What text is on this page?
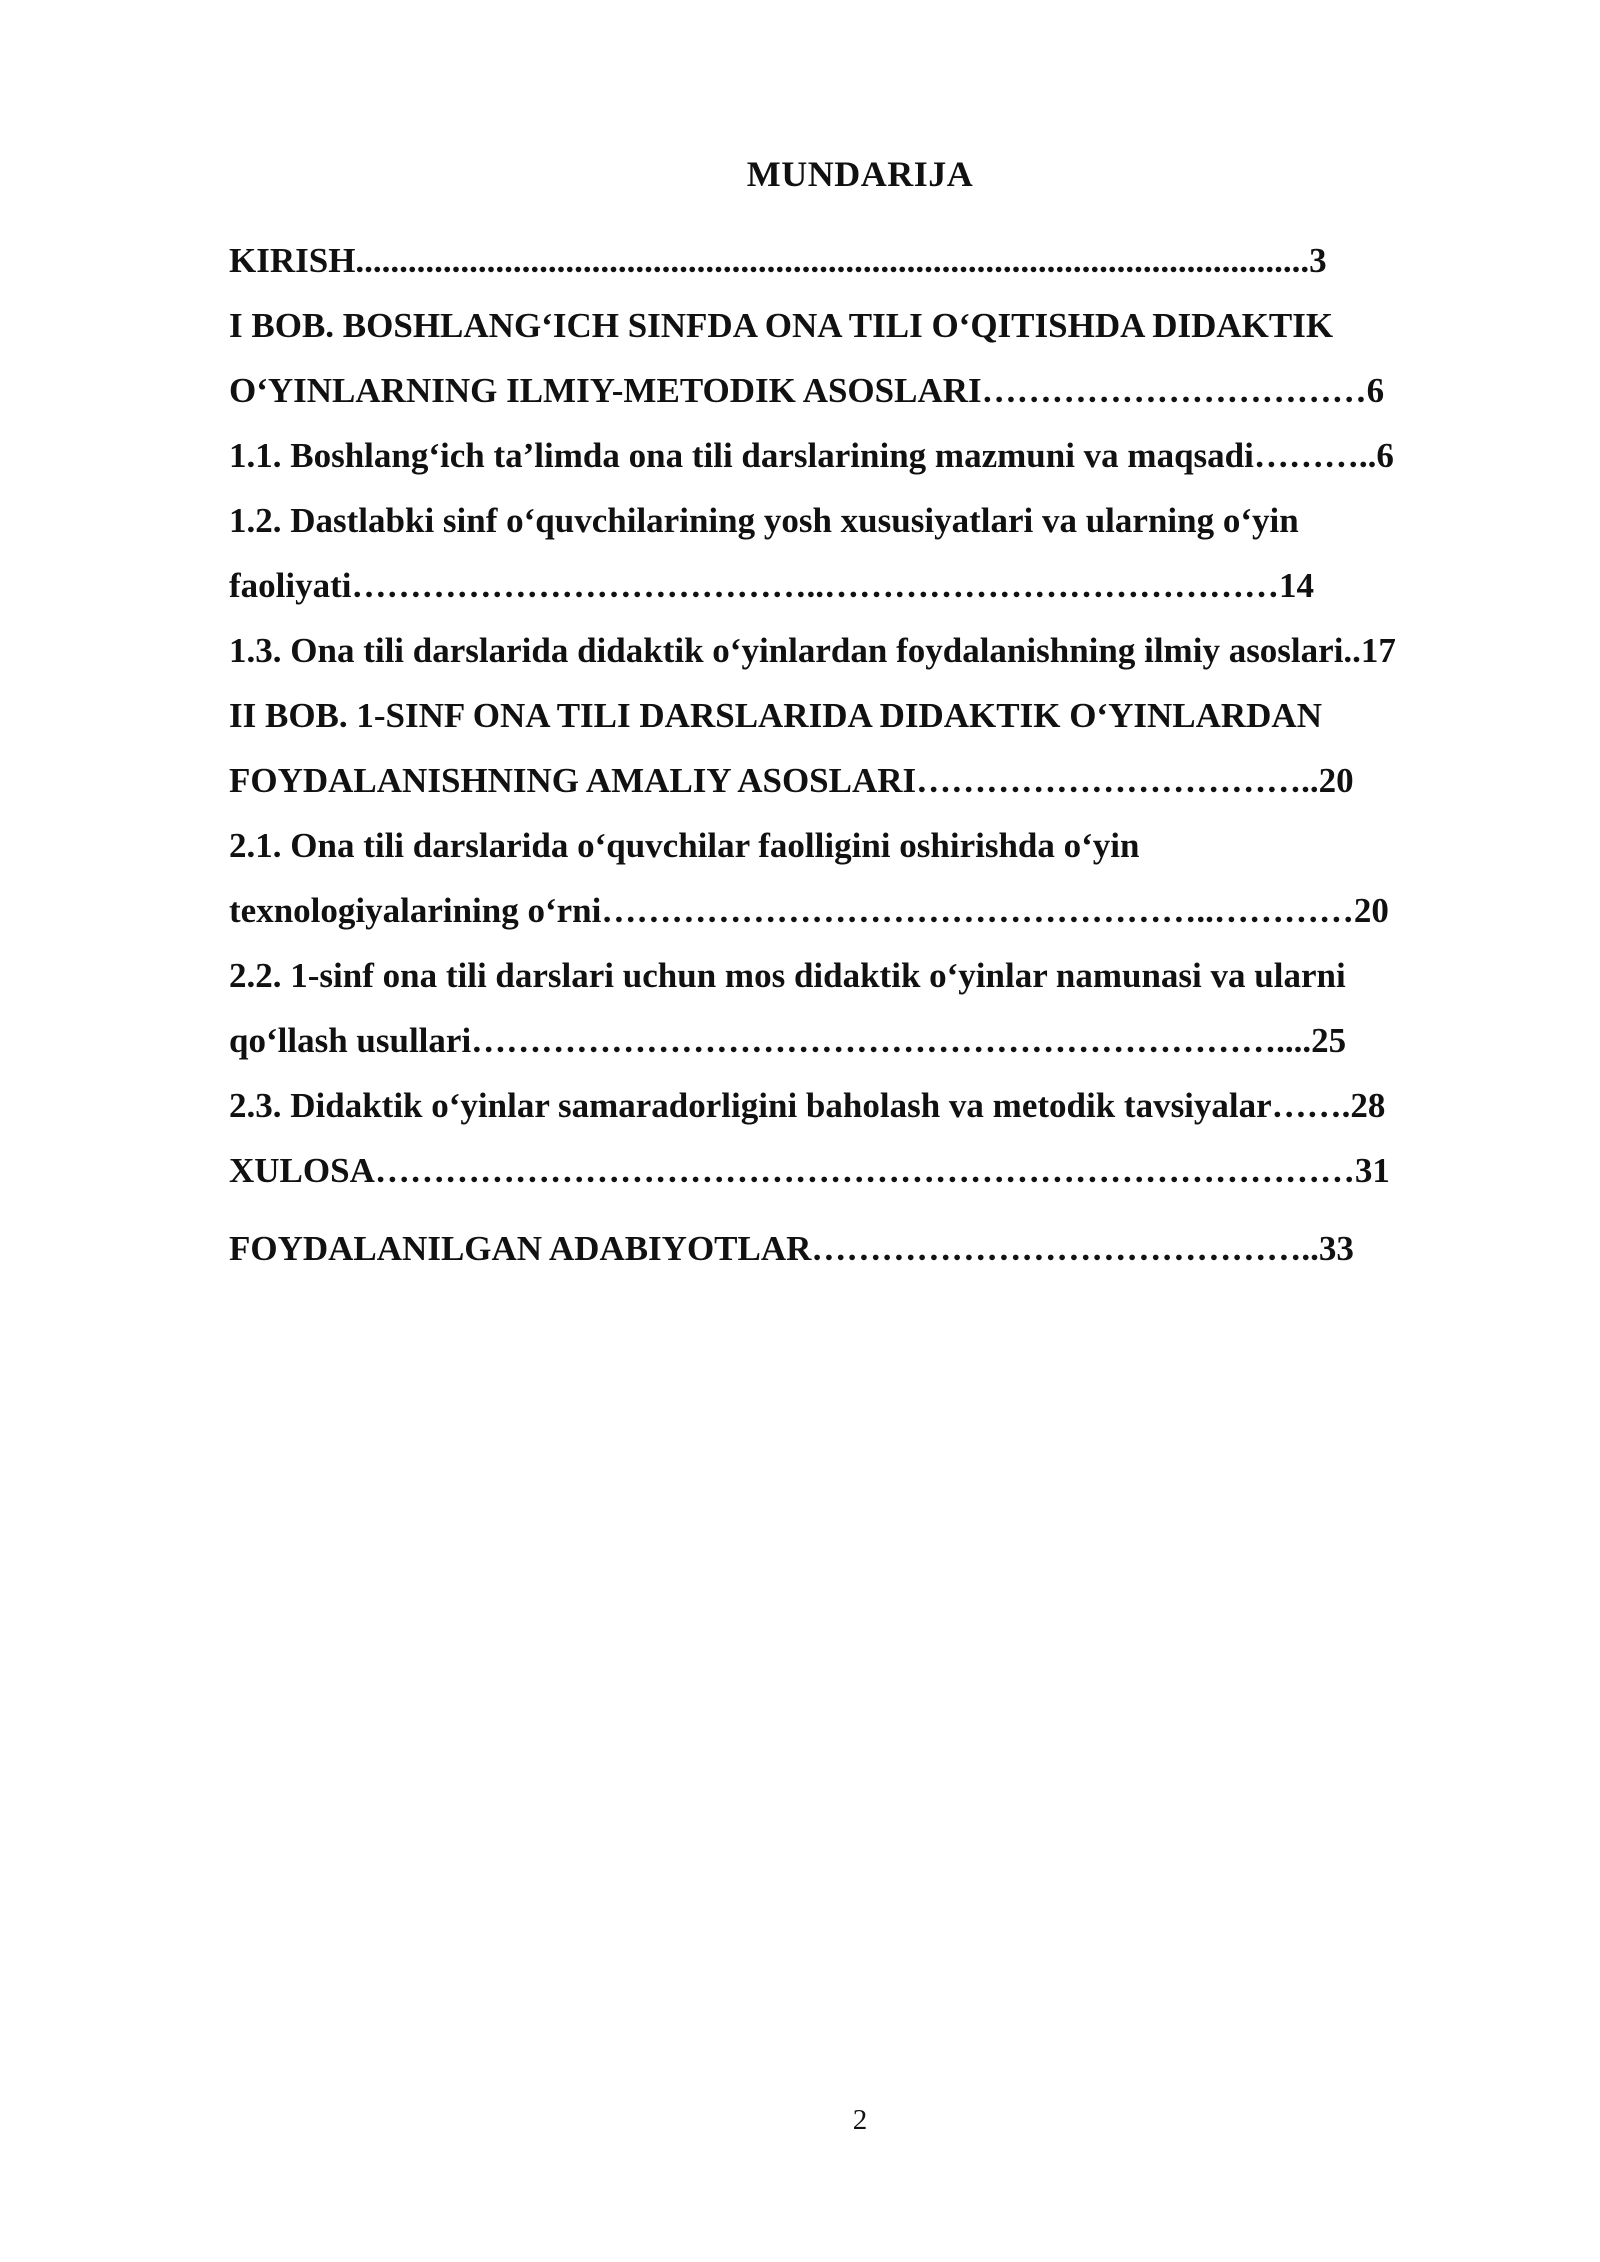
MUNDARIJA
KIRISH.............................................................................................................3
I BOB. BOSHLANG‘ICH SINFDA ONA TILI O‘QITISHDA DIDAKTIK
O‘YINLARNING ILMIY-METODIK ASOSLARI……………………………6
1.1. Boshlang‘ich ta’limda ona tili darslarining mazmuni va maqsadi………..6
1.2. Dastlabki sinf o‘quvchilarining yosh xususiyatlari va ularning o‘yin
faoliyati…………………………………..…………………………………14
1.3. Ona tili darslarida didaktik o‘yinlardan foydalanishning ilmiy asoslari..17
II BOB. 1-SINF ONA TILI DARSLARIDA DIDAKTIK O‘YINLARDAN
FOYDALANISHNING AMALIY ASOSLARI……………………………..20
2.1. Ona tili darslarida o‘quvchilar faolligini oshirishda o‘yin
texnologiyalarining o‘rni……………………………………………..…………20
2.2. 1-sinf ona tili darslari uchun mos didaktik o‘yinlar namunasi va ularni
qo‘llash usullari……………………………………………………………....25
2.3. Didaktik o‘yinlar samaradorligini baholash va metodik tavsiyalar…….28
XULOSA…………………………………………………………………………31
FOYDALANILGAN ADABIYOTLAR……………………………………..33
2
